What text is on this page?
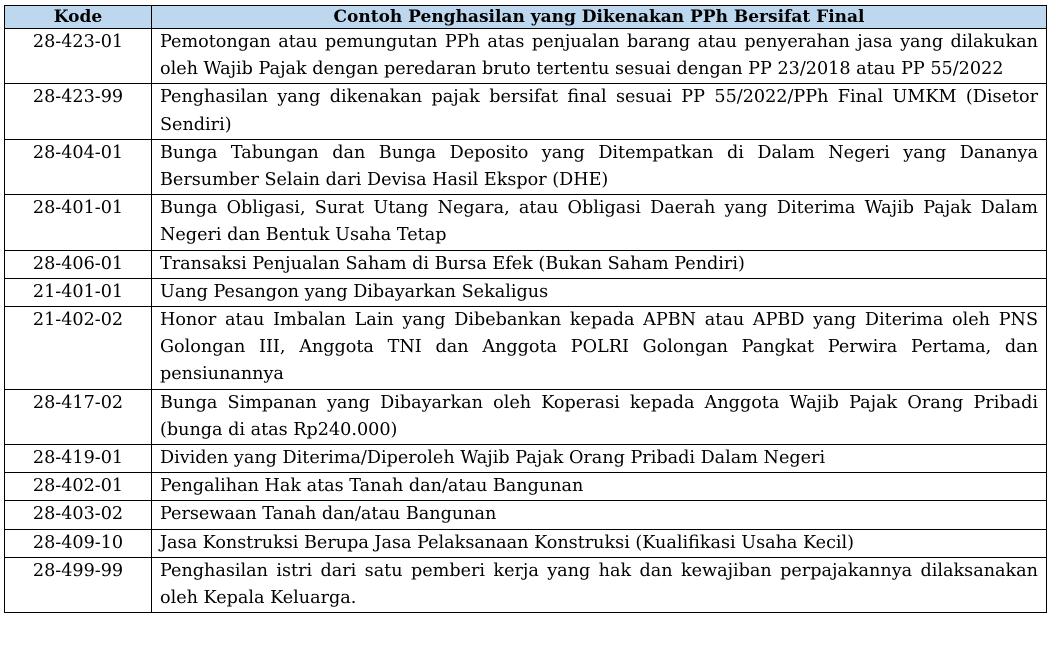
Kode	Contoh Penghasilan yang Dikenakan PPh Bersifat Final
28-423-01	Pemotongan atau pemungutan PPh atas penjualan barang atau penyerahan jasa yang dilakukan oleh Wajib Pajak dengan peredaran bruto tertentu sesuai dengan PP 23/2018 atau PP 55/2022
28-423-99	Penghasilan yang dikenakan pajak bersifat final sesuai PP 55/2022/PPh Final UMKM (Disetor Sendiri)
28-404-01	Bunga Tabungan dan Bunga Deposito yang Ditempatkan di Dalam Negeri yang Dananya Bersumber Selain dari Devisa Hasil Ekspor (DHE)
28-401-01	Bunga Obligasi, Surat Utang Negara, atau Obligasi Daerah yang Diterima Wajib Pajak Dalam Negeri dan Bentuk Usaha Tetap
28-406-01	Transaksi Penjualan Saham di Bursa Efek (Bukan Saham Pendiri)
21-401-01	Uang Pesangon yang Dibayarkan Sekaligus
21-402-02	Honor atau Imbalan Lain yang Dibebankan kepada APBN atau APBD yang Diterima oleh PNS Golongan III, Anggota TNI dan Anggota POLRI Golongan Pangkat Perwira Pertama, dan pensiunannya
28-417-02	Bunga Simpanan yang Dibayarkan oleh Koperasi kepada Anggota Wajib Pajak Orang Pribadi (bunga di atas Rp240.000)
28-419-01	Dividen yang Diterima/Diperoleh Wajib Pajak Orang Pribadi Dalam Negeri
28-402-01	Pengalihan Hak atas Tanah dan/atau Bangunan
28-403-02	Persewaan Tanah dan/atau Bangunan
28-409-10	Jasa Konstruksi Berupa Jasa Pelaksanaan Konstruksi (Kualifikasi Usaha Kecil)
28-499-99	Penghasilan istri dari satu pemberi kerja yang hak dan kewajiban perpajakannya dilaksanakan oleh Kepala Keluarga.
